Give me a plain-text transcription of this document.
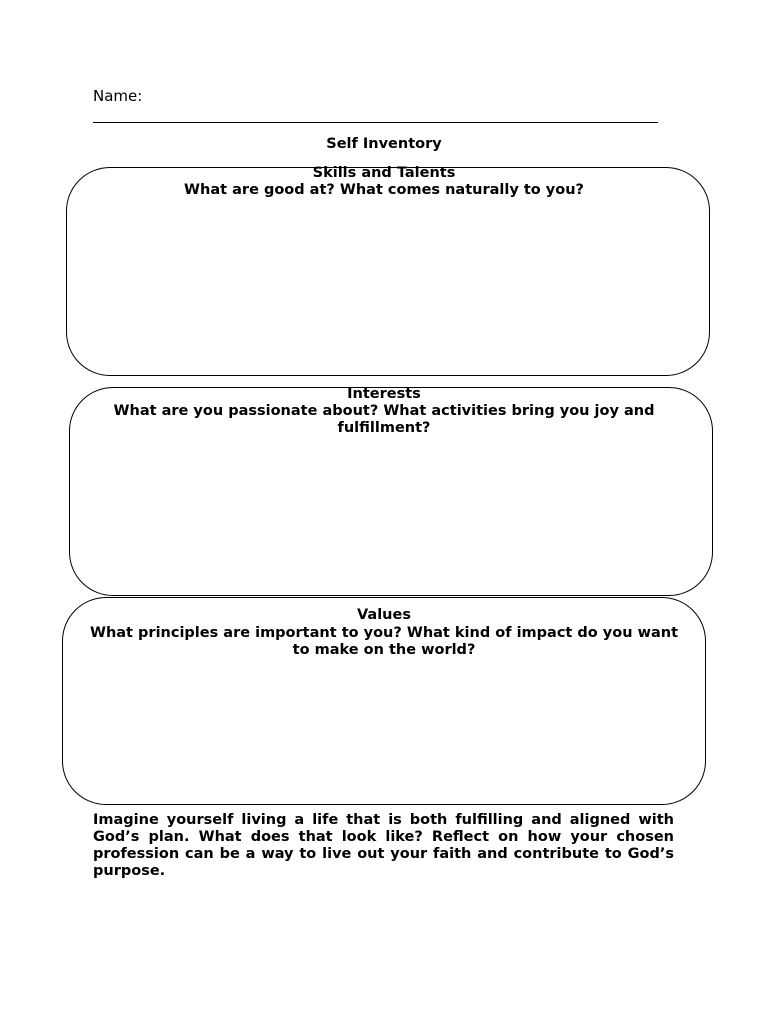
Name:
Self Inventory
Skills and Talents
What are good at? What comes naturally to you?
Interests
What are you passionate about? What activities bring you joy and fulfillment?
Values
What principles are important to you? What kind of impact do you want to make on the world?
Imagine yourself living a life that is both fulfilling and aligned with God’s plan. What does that look like? Reflect on how your chosen profession can be a way to live out your faith and contribute to God’s purpose.
